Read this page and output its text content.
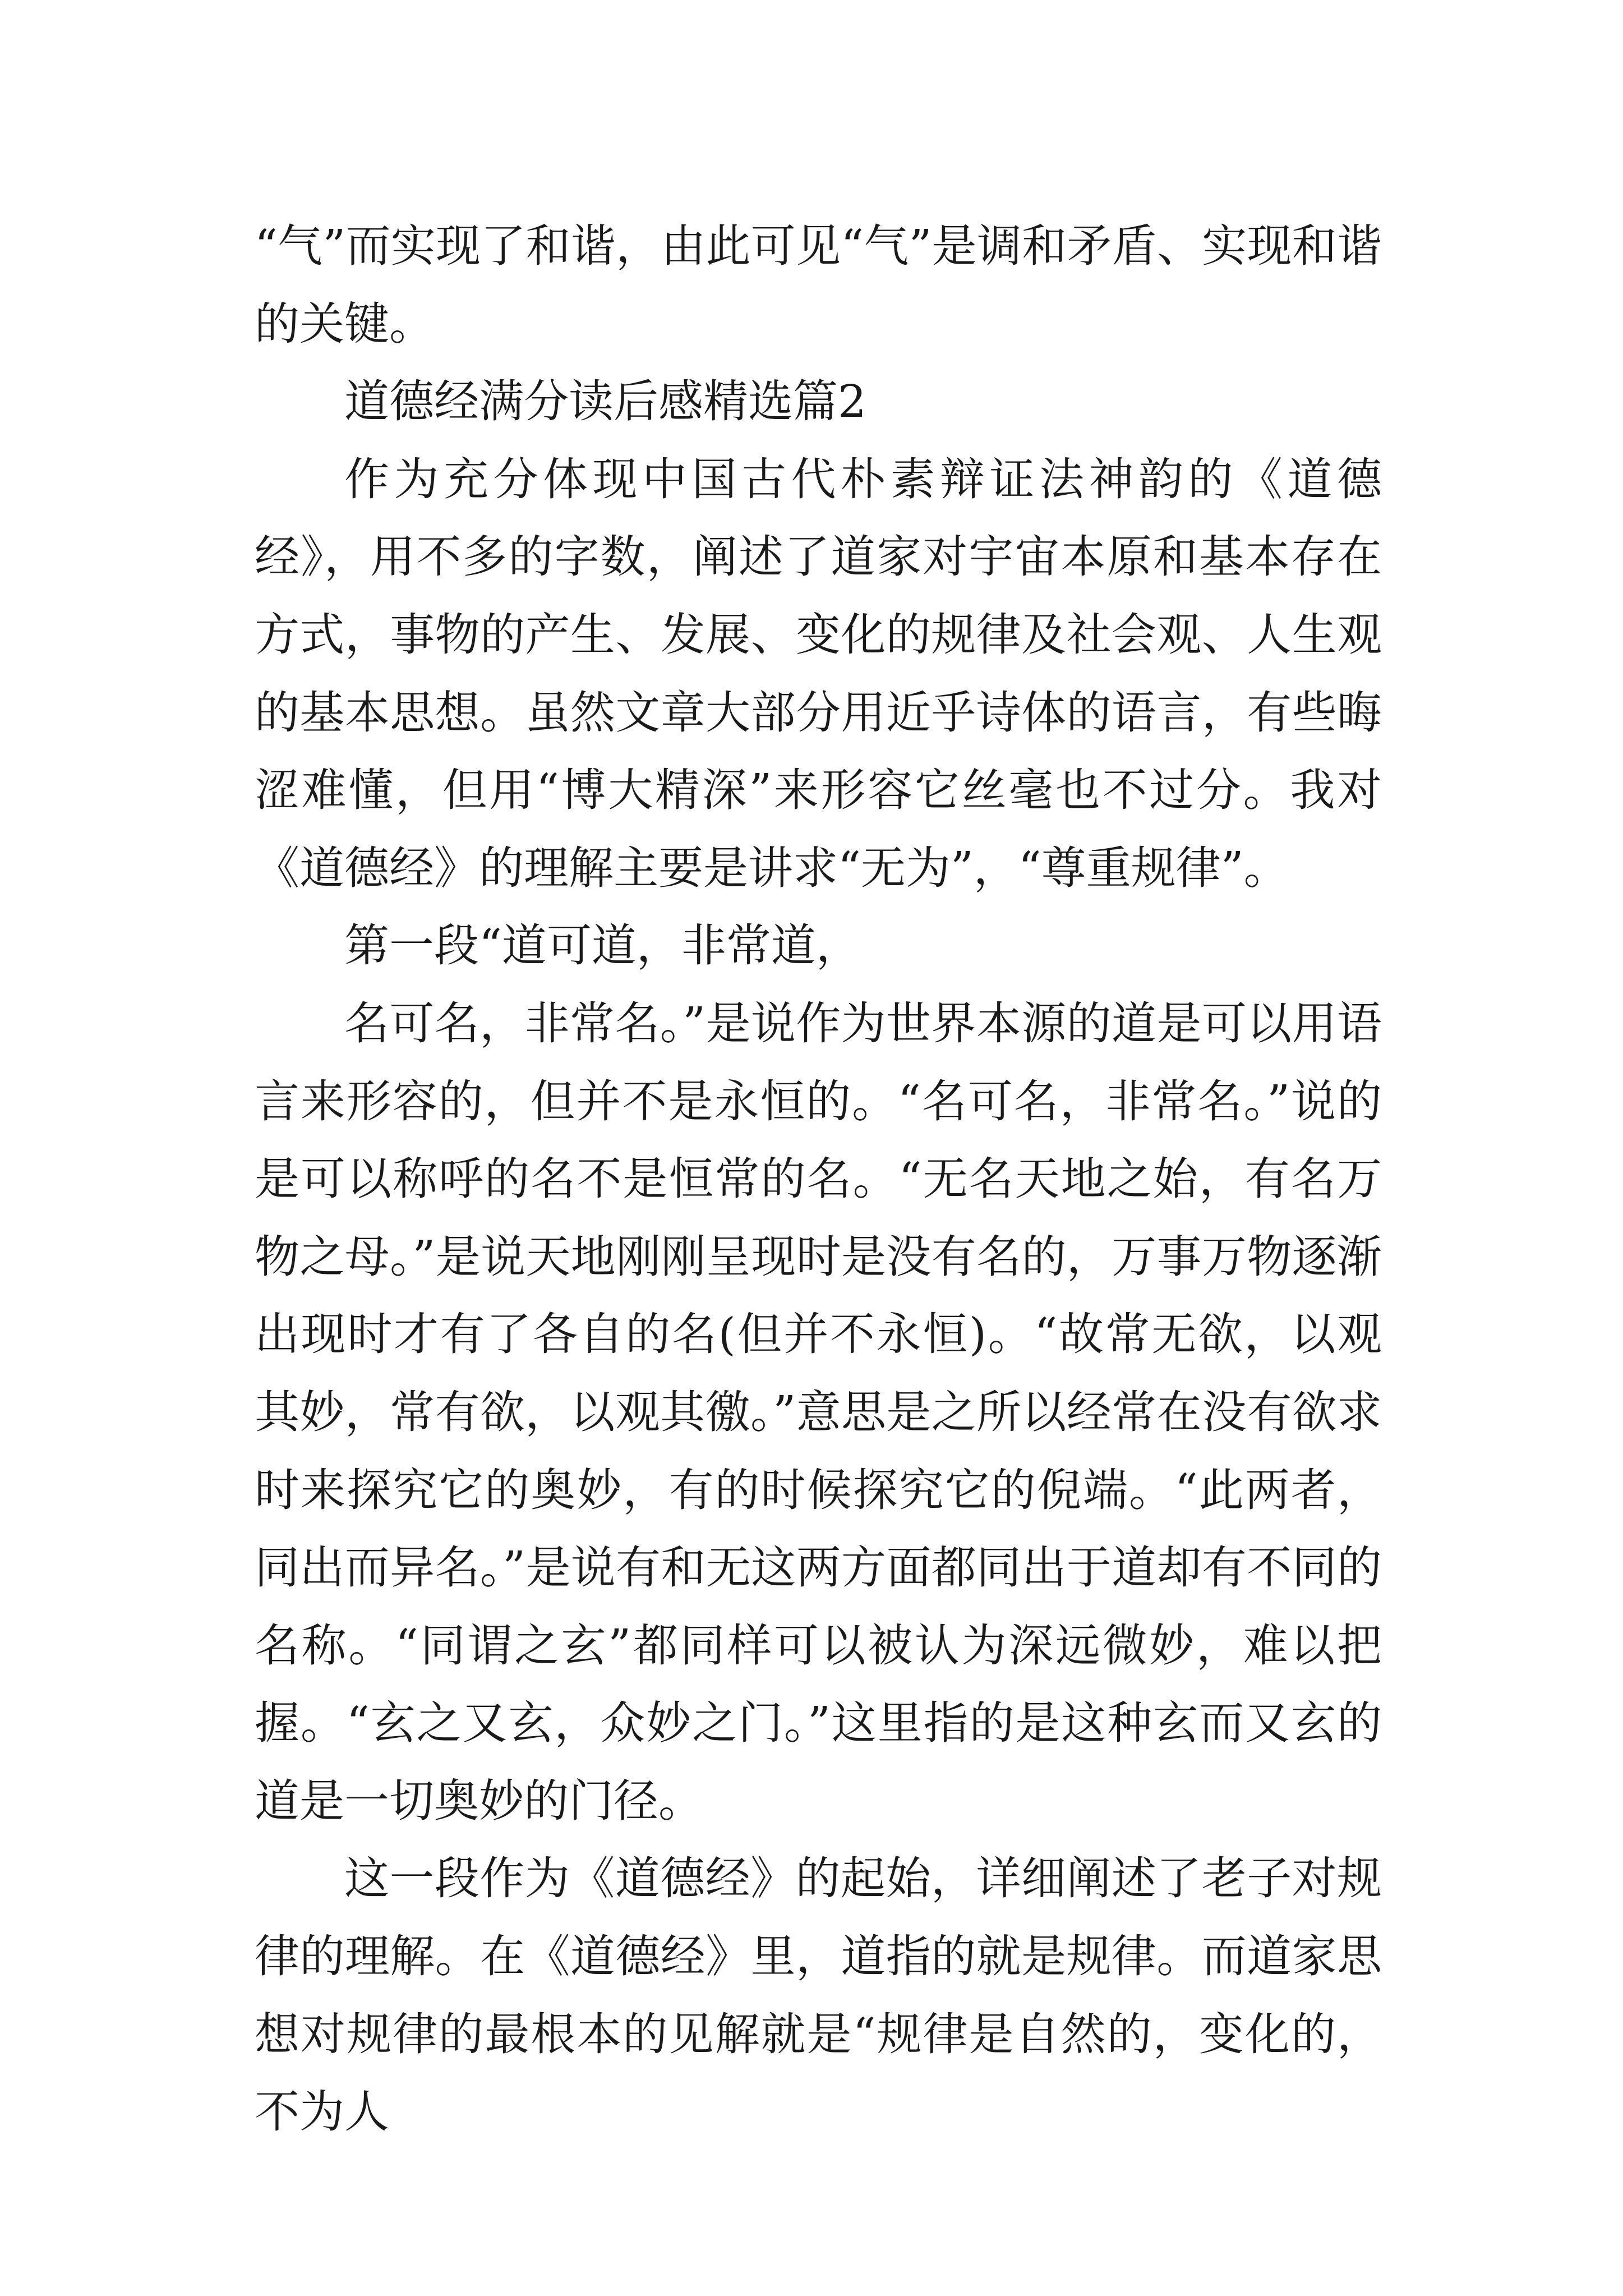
“气”而实现了和谐，由此可见“气”是调和矛盾、实现和谐的关键。

道德经满分读后感精选篇2

作为充分体现中国古代朴素辩证法神韵的《道德经》，用不多的字数，阐述了道家对宇宙本原和基本存在方式，事物的产生、发展、变化的规律及社会观、人生观的基本思想。虽然文章大部分用近乎诗体的语言，有些晦涩难懂，但用“博大精深”来形容它丝毫也不过分。我对《道德经》的理解主要是讲求“无为”，“尊重规律”。

第一段“道可道，非常道，

名可名，非常名。”是说作为世界本源的道是可以用语言来形容的，但并不是永恒的。“名可名，非常名。”说的是可以称呼的名不是恒常的名。“无名天地之始，有名万物之母。”是说天地刚刚呈现时是没有名的，万事万物逐渐出现时才有了各自的名(但并不永恒)。“故常无欲，以观其妙，常有欲，以观其徼。”意思是之所以经常在没有欲求时来探究它的奥妙，有的时候探究它的倪端。“此两者，同出而异名。”是说有和无这两方面都同出于道却有不同的名称。“同谓之玄”都同样可以被认为深远微妙，难以把握。“玄之又玄，众妙之门。”这里指的是这种玄而又玄的道是一切奥妙的门径。

这一段作为《道德经》的起始，详细阐述了老子对规律的理解。在《道德经》里，道指的就是规律。而道家思想对规律的最根本的见解就是“规律是自然的，变化的，不为人
